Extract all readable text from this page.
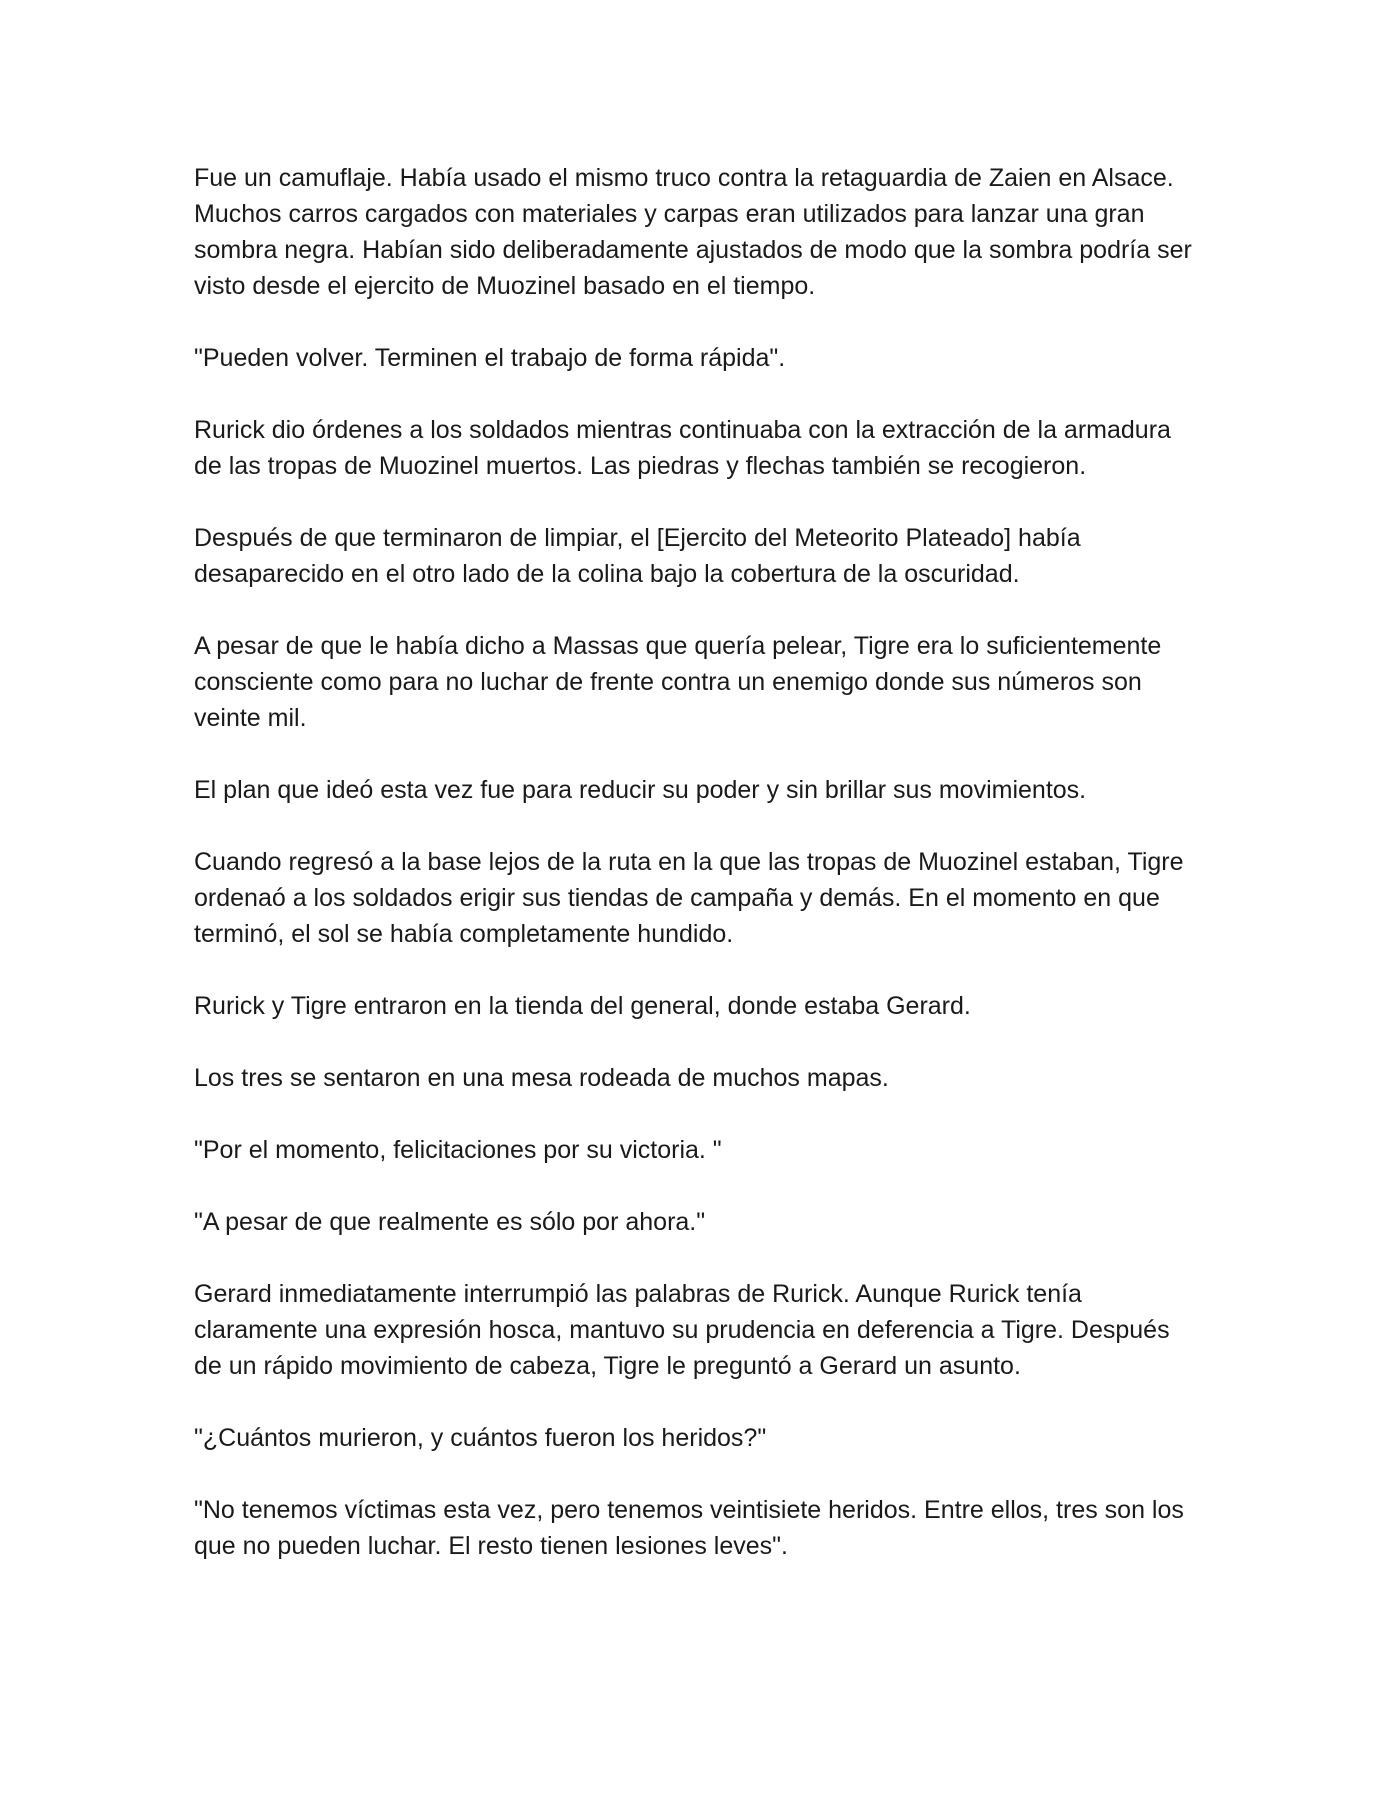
Fue un camuflaje. Había usado el mismo truco contra la retaguardia de Zaien en Alsace. Muchos carros cargados con materiales y carpas eran utilizados para lanzar una gran sombra negra. Habían sido deliberadamente ajustados de modo que la sombra podría ser visto desde el ejercito de Muozinel basado en el tiempo.

"Pueden volver. Terminen el trabajo de forma rápida".

Rurick dio órdenes a los soldados mientras continuaba con la extracción de la armadura de las tropas de Muozinel muertos. Las piedras y flechas también se recogieron.

Después de que terminaron de limpiar, el [Ejercito del Meteorito Plateado] había desaparecido en el otro lado de la colina bajo la cobertura de la oscuridad.

A pesar de que le había dicho a Massas que quería pelear, Tigre era lo suficientemente consciente como para no luchar de frente contra un enemigo donde sus números son veinte mil.

El plan que ideó esta vez fue para reducir su poder y sin brillar sus movimientos.

Cuando regresó a la base lejos de la ruta en la que las tropas de Muozinel estaban, Tigre ordenaó a los soldados erigir sus tiendas de campaña y demás. En el momento en que terminó, el sol se había completamente hundido.

Rurick y Tigre entraron en la tienda del general, donde estaba Gerard.

Los tres se sentaron en una mesa rodeada de muchos mapas.

"Por el momento, felicitaciones por su victoria. "

"A pesar de que realmente es sólo por ahora."

Gerard inmediatamente interrumpió las palabras de Rurick. Aunque Rurick tenía claramente una expresión hosca, mantuvo su prudencia en deferencia a Tigre. Después de un rápido movimiento de cabeza, Tigre le preguntó a Gerard un asunto.

"¿Cuántos murieron, y cuántos fueron los heridos?"

"No tenemos víctimas esta vez, pero tenemos veintisiete heridos. Entre ellos, tres son los que no pueden luchar. El resto tienen lesiones leves".
